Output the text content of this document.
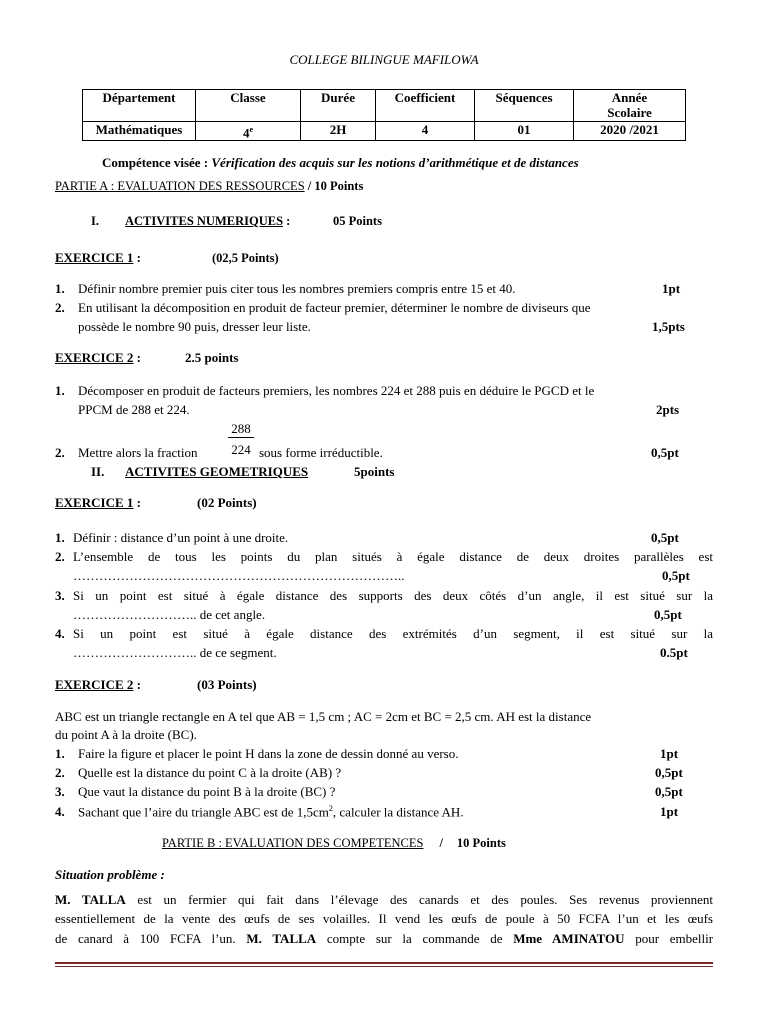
COLLEGE BILINGUE MAFILOWA
Département	Classe	Durée	Coefficient	Séquences	Année
Scolaire

Mathématiques	4e	2H	4	01	2020 /2021
Compétence visée : Vérification des acquis sur les notions d’arithmétique et de distances
PARTIE A : EVALUATION DES RESSOURCES / 10 Points
I. ACTIVITES NUMERIQUES :	05 Points
EXERCICE 1 :	(02,5 Points)
1. Définir nombre premier puis citer tous les nombres premiers compris entre 15 et 40.	1pt
2. En utilisant la décomposition en produit de facteur premier, déterminer le nombre de diviseurs que
possède le nombre 90 puis, dresser leur liste.	1,5pts
EXERCICE 2 :	2.5 points
1. Décomposer en produit de facteurs premiers, les nombres 224 et 288 puis en déduire le PGCD et le
PPCM de 288 et 224.	2pts
2. Mettre alors la fraction
288
224 sous forme irréductible.	0,5pt
II. ACTIVITES GEOMETRIQUES	5points
EXERCICE 1 :	(02 Points)
1. Définir : distance d’un point à une droite.	0,5pt
2. L’ensemble de tous les points du plan situés à égale distance de deux droites parallèles est
…………………………………………………………………..	0,5pt
3. Si un point est situé à égale distance des supports des deux côtés d’un angle, il est situé sur la
……………………….. de cet angle.	0,5pt
4. Si un point est situé à égale distance des extrémités d’un segment, il est situé sur la
……………………….. de ce segment.	0.5pt
EXERCICE 2 :	(03 Points)
ABC est un triangle rectangle en A tel que AB = 1,5 cm ; AC = 2cm et BC = 2,5 cm. AH est la distance
du point A à la droite (BC).
1. Faire la figure et placer le point H dans la zone de dessin donné au verso.	1pt
2. Quelle est la distance du point C à la droite (AB) ?	0,5pt
3. Que vaut la distance du point B à la droite (BC) ?	0,5pt
4. Sachant que l’aire du triangle ABC est de $1,5cm^2$, calculer la distance AH.	1pt
PARTIE B : EVALUATION DES COMPETENCES / 10 Points
Situation problème :
M. TALLA est un fermier qui fait dans l’élevage des canards et des poules. Ses revenus proviennent
essentiellement de la vente des œufs de ses volailles. Il vend les œufs de poule à 50 FCFA l’un et les œufs
de canard à 100 FCFA l’un. M. TALLA compte sur la commande de Mme AMINATOU pour embellir
